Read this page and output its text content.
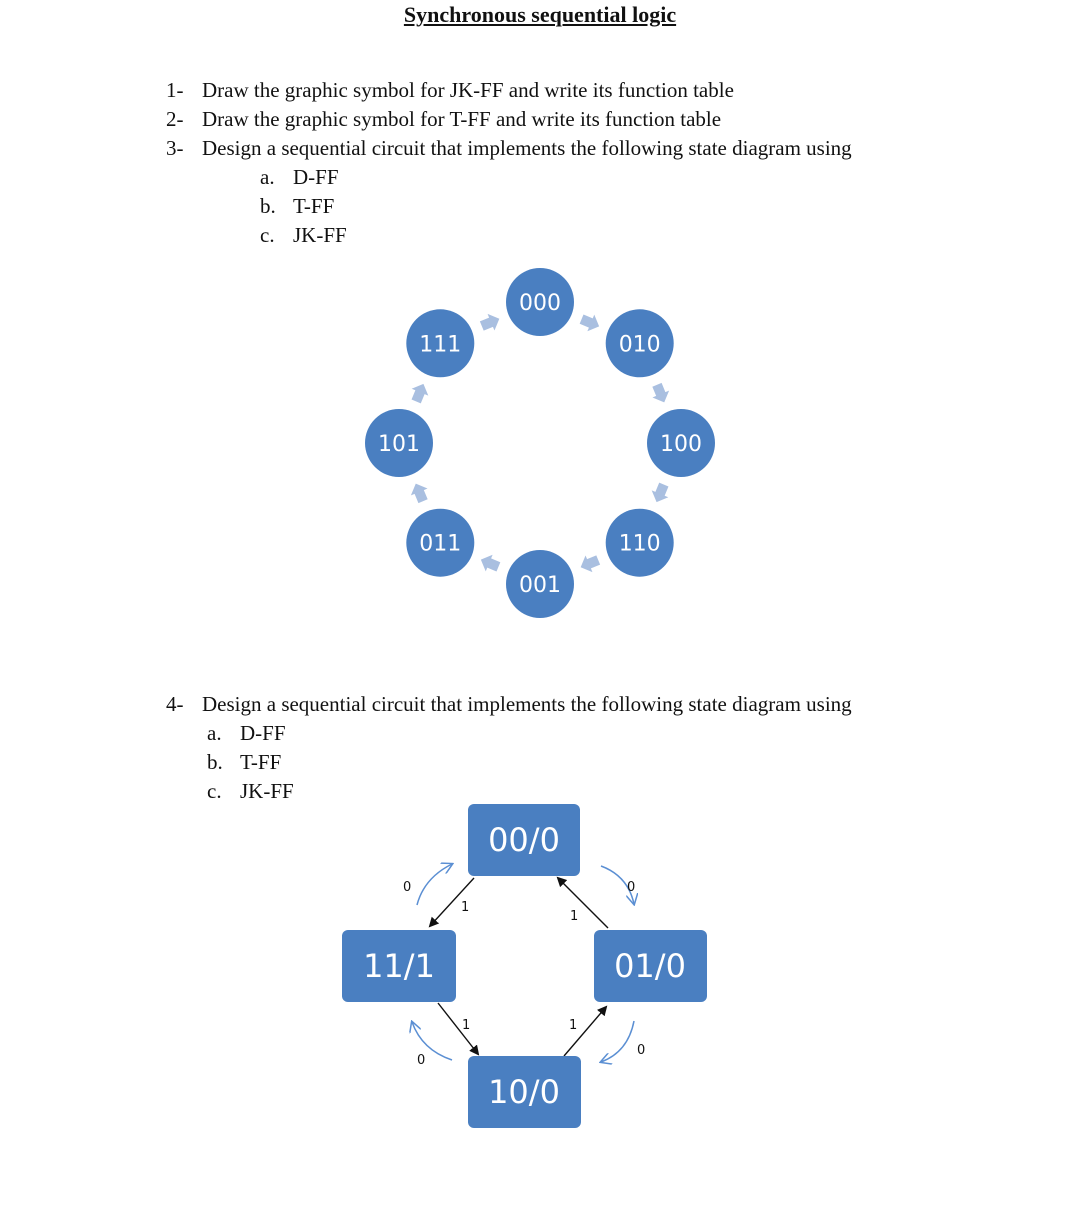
Synchronous sequential logic
1- Draw the graphic symbol for JK-FF and write its function table
2- Draw the graphic symbol for T-FF and write its function table
3- Design a sequential circuit that implements the following state diagram using
a. D-FF
b. T-FF
c. JK-FF
4- Design a sequential circuit that implements the following state diagram using
a. D-FF
b. T-FF
c. JK-FF
000
010
100
110
001
011
101
111
0	0
0
0
1
1
1
1
00/0
01/0
10/0
11/1
